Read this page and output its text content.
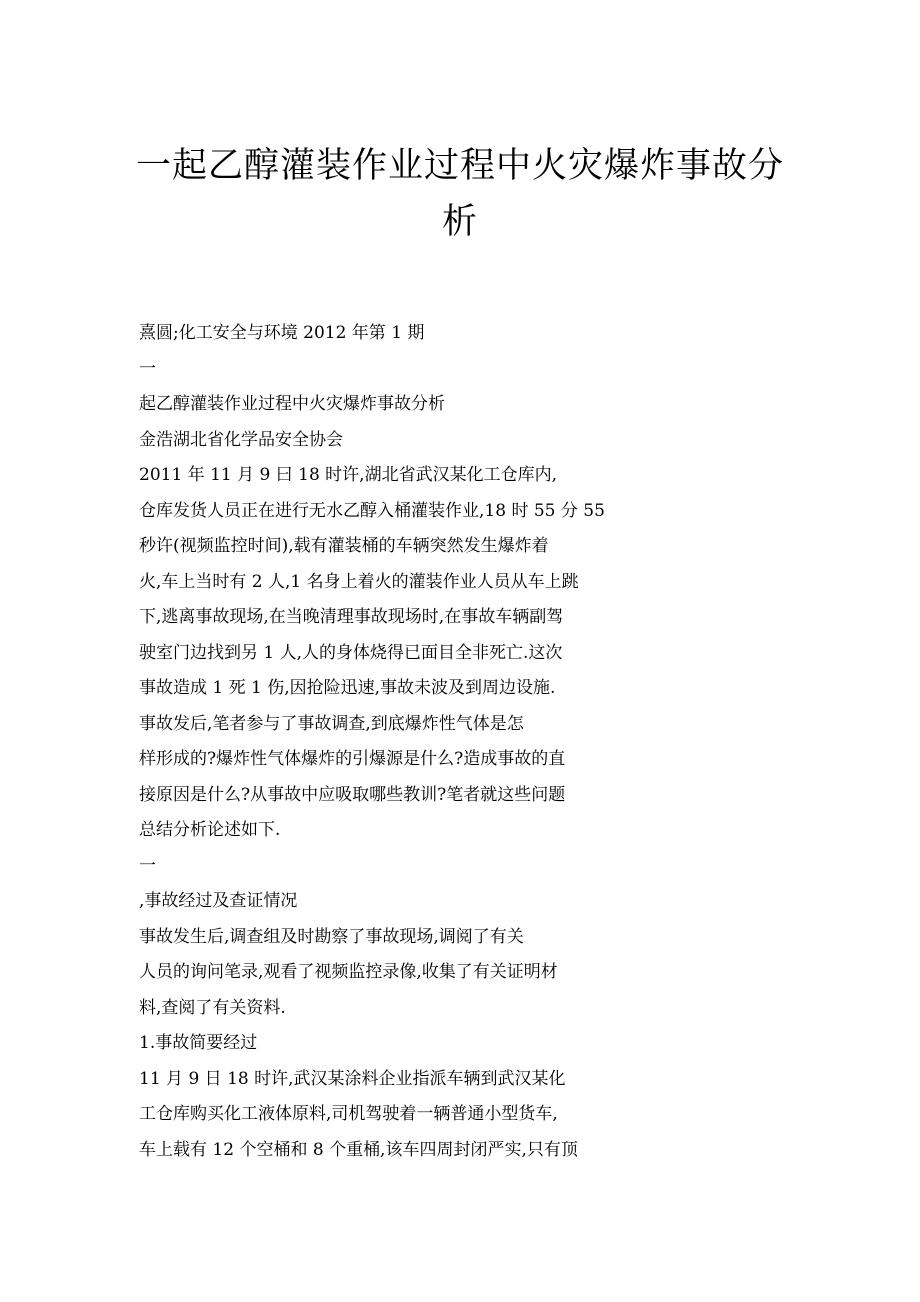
一起乙醇灌装作业过程中火灾爆炸事故分
析
熹圆;化工安全与环境 2012 年第 1 期
一
起乙醇灌装作业过程中火灾爆炸事故分析
金浩湖北省化学品安全协会
2011 年 11 月 9 曰 18 时许,湖北省武汉某化工仓库内,
仓库发货人员正在进行无水乙醇入桶灌装作业,18 时 55 分 55
秒许(视频监控时间),载有灌装桶的车辆突然发生爆炸着
火,车上当时有 2 人,1 名身上着火的灌装作业人员从车上跳
下,逃离事故现场,在当晚清理事故现场时,在事故车辆副驾
驶室门边找到另 1 人,人的身体烧得已面目全非死亡.这次
事故造成 1 死 1 伤,因抢险迅速,事故未波及到周边设施.
事故发后,笔者参与了事故调查,到底爆炸性气体是怎
样形成的?爆炸性气体爆炸的引爆源是什么?造成事故的直
接原因是什么?从事故中应吸取哪些教训?笔者就这些问题
总结分析论述如下.
一
,事故经过及查证情况
事故发生后,调查组及时勘察了事故现场,调阅了有关
人员的询问笔录,观看了视频监控录像,收集了有关证明材
料,查阅了有关资料.
1.事故简要经过
11 月 9 日 18 时许,武汉某涂料企业指派车辆到武汉某化
工仓库购买化工液体原料,司机驾驶着一辆普通小型货车,
车上载有 12 个空桶和 8 个重桶,该车四周封闭严实,只有顶
